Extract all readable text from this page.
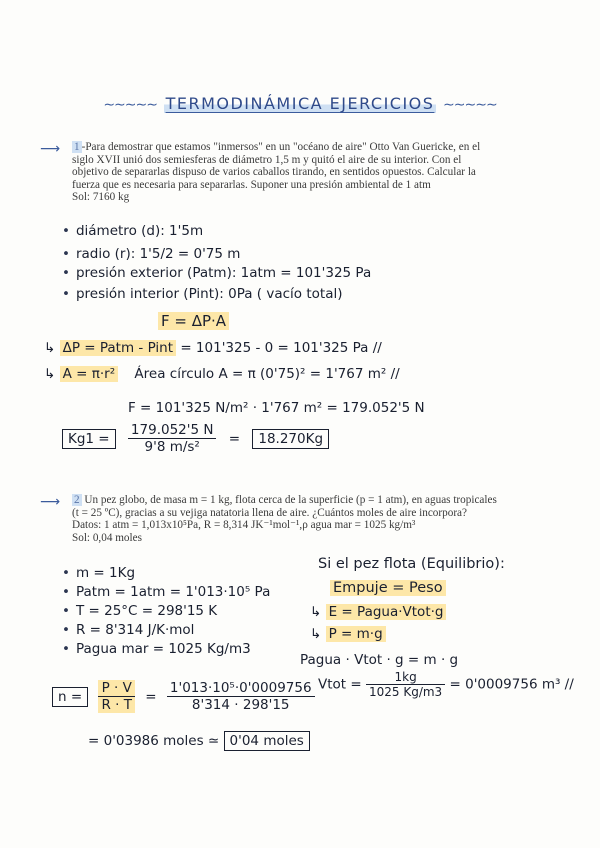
∼∼∼∼∼ TERMODINÁMICA EJERCICIOS ∼∼∼∼∼
⟶ 1 -Para demostrar que estamos "inmersos" en un "océano de aire" Otto Van Guericke, en el
siglo XVII unió dos semiesferas de diámetro 1,5 m y quitó el aire de su interior. Con el
objetivo de separarlas dispuso de varios caballos tirando, en sentidos opuestos. Calcular la
fuerza que es necesaria para separarlas. Suponer una presión ambiental de 1 atm
Sol: 7160 kg
• diámetro (d): 1'5m
• radio (r): 1'5/2 = 0'75 m
• presión exterior (Patm): 1atm = 101'325 Pa
• presión interior (Pint): 0Pa ( vacío total)
F = ΔP·A
↳ ΔP = Patm - Pint = 101'325 - 0 = 101'325 Pa //
↳ A = π·r² Área círculo A = π (0'75)² = 1'767 m² //
F = 101'325 N/m² · 1'767 m² = 179.052'5 N
$Kg1 = \frac{179.052'5 N}{\text{9'8 m/s²}} = 18.270Kg$
⟶ 2 Un pez globo, de masa m = 1 kg, flota cerca de la superficie (p = 1 atm), en aguas tropicales
(t = 25 ºC), gracias a su vejiga natatoria llena de aire. ¿Cuántos moles de aire incorpora?
Datos: 1 atm = 1,013x10⁵Pa, R = 8,314 JK⁻¹mol⁻¹,ρ agua mar = 1025 kg/m³
Sol: 0,04 moles
• m = 1Kg
• Patm = 1atm = 1'013·10⁵ Pa
• T = 25°C = 298'15 K
• R = 8'314 J/K·mol
• Pagua mar = 1025 Kg/m3
Si el pez flota (Equilibrio):
Empuje = Peso
↳ E = Pagua·Vtot·g
↳ P = m·g
Pagua · Vtot · g = m · g
Vtot = $\frac{1kg}{1025 Kg/m3} = 0'0009756$ m³ //
$n = \frac{P \cdot V}{R \cdot T} = \frac{\text{1'013·10⁵·0'0009756}}{8'314 \cdot 298'15}$
= 0'03986 moles ≃ 0'04 moles
